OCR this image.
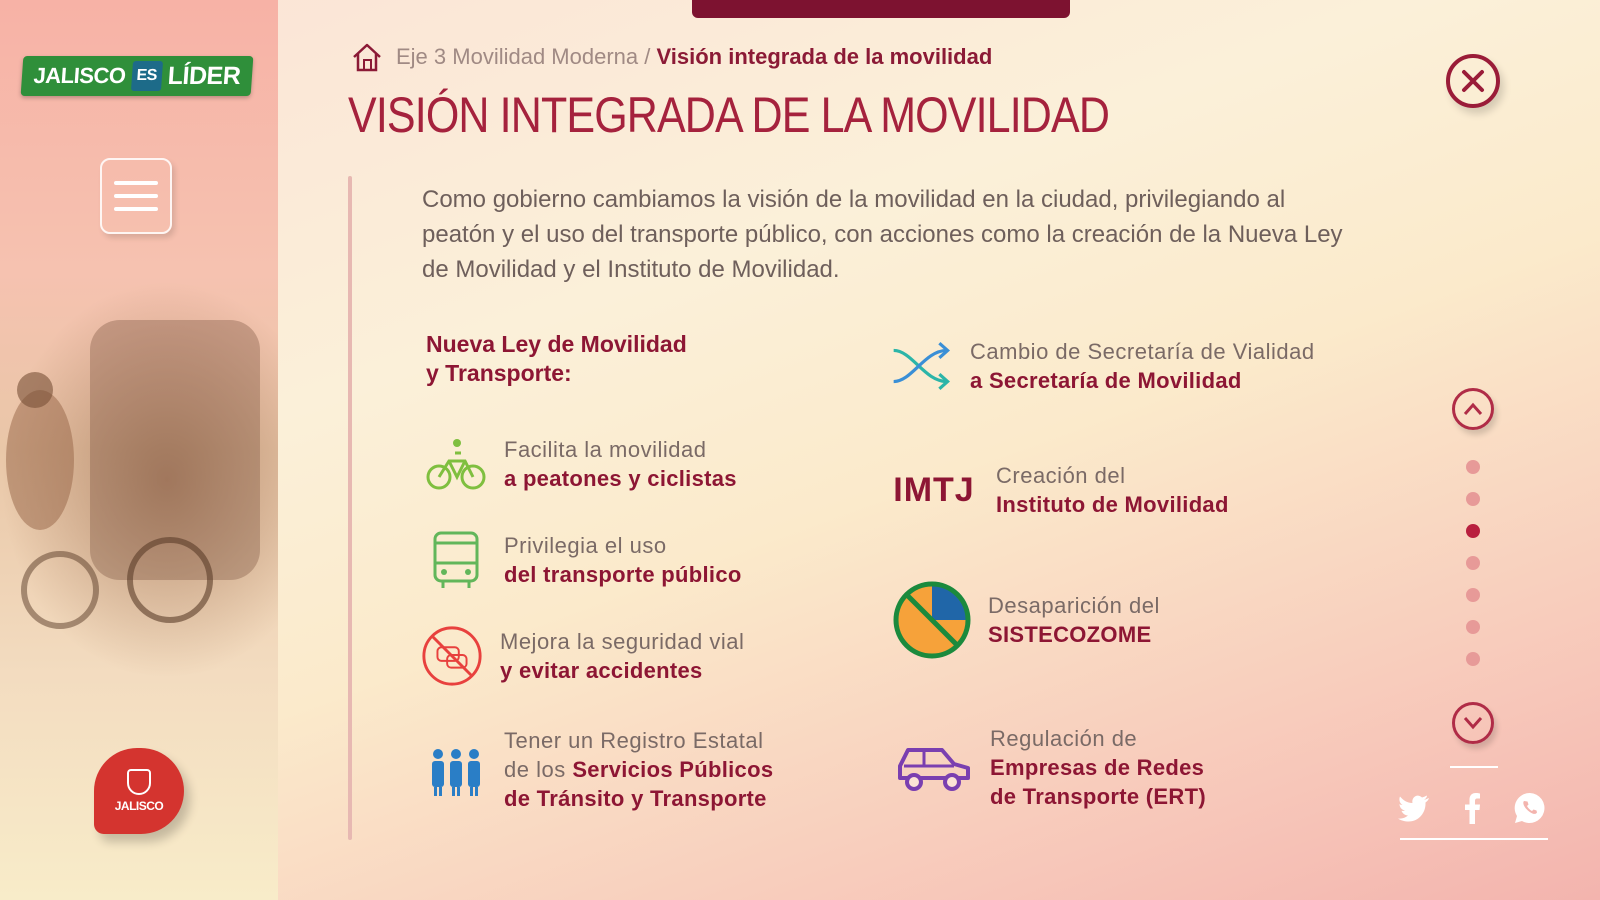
JALISCO ES LÍDER
JALISCO
Eje 3 Movilidad Moderna / Visión integrada de la movilidad
VISIÓN INTEGRADA DE LA MOVILIDAD

Como gobierno cambiamos la visión de la movilidad en la ciudad, privilegiando al peatón y el uso del transporte público, con acciones como la creación de la Nueva Ley de Movilidad y el Instituto de Movilidad.

Nueva Ley de Movilidad
y Transporte:
Facilita la movilidad
a peatones y ciclistas
Privilegia el uso
del transporte público
Mejora la seguridad vial
y evitar accidentes
Tener un Registro Estatal
de los Servicios Públicos
de Tránsito y Transporte
Cambio de Secretaría de Vialidad
a Secretaría de Movilidad
IMTJ Creación del
Instituto de Movilidad
Desaparición del
SISTECOZOME
Regulación de
Empresas de Redes
de Transporte (ERT)
